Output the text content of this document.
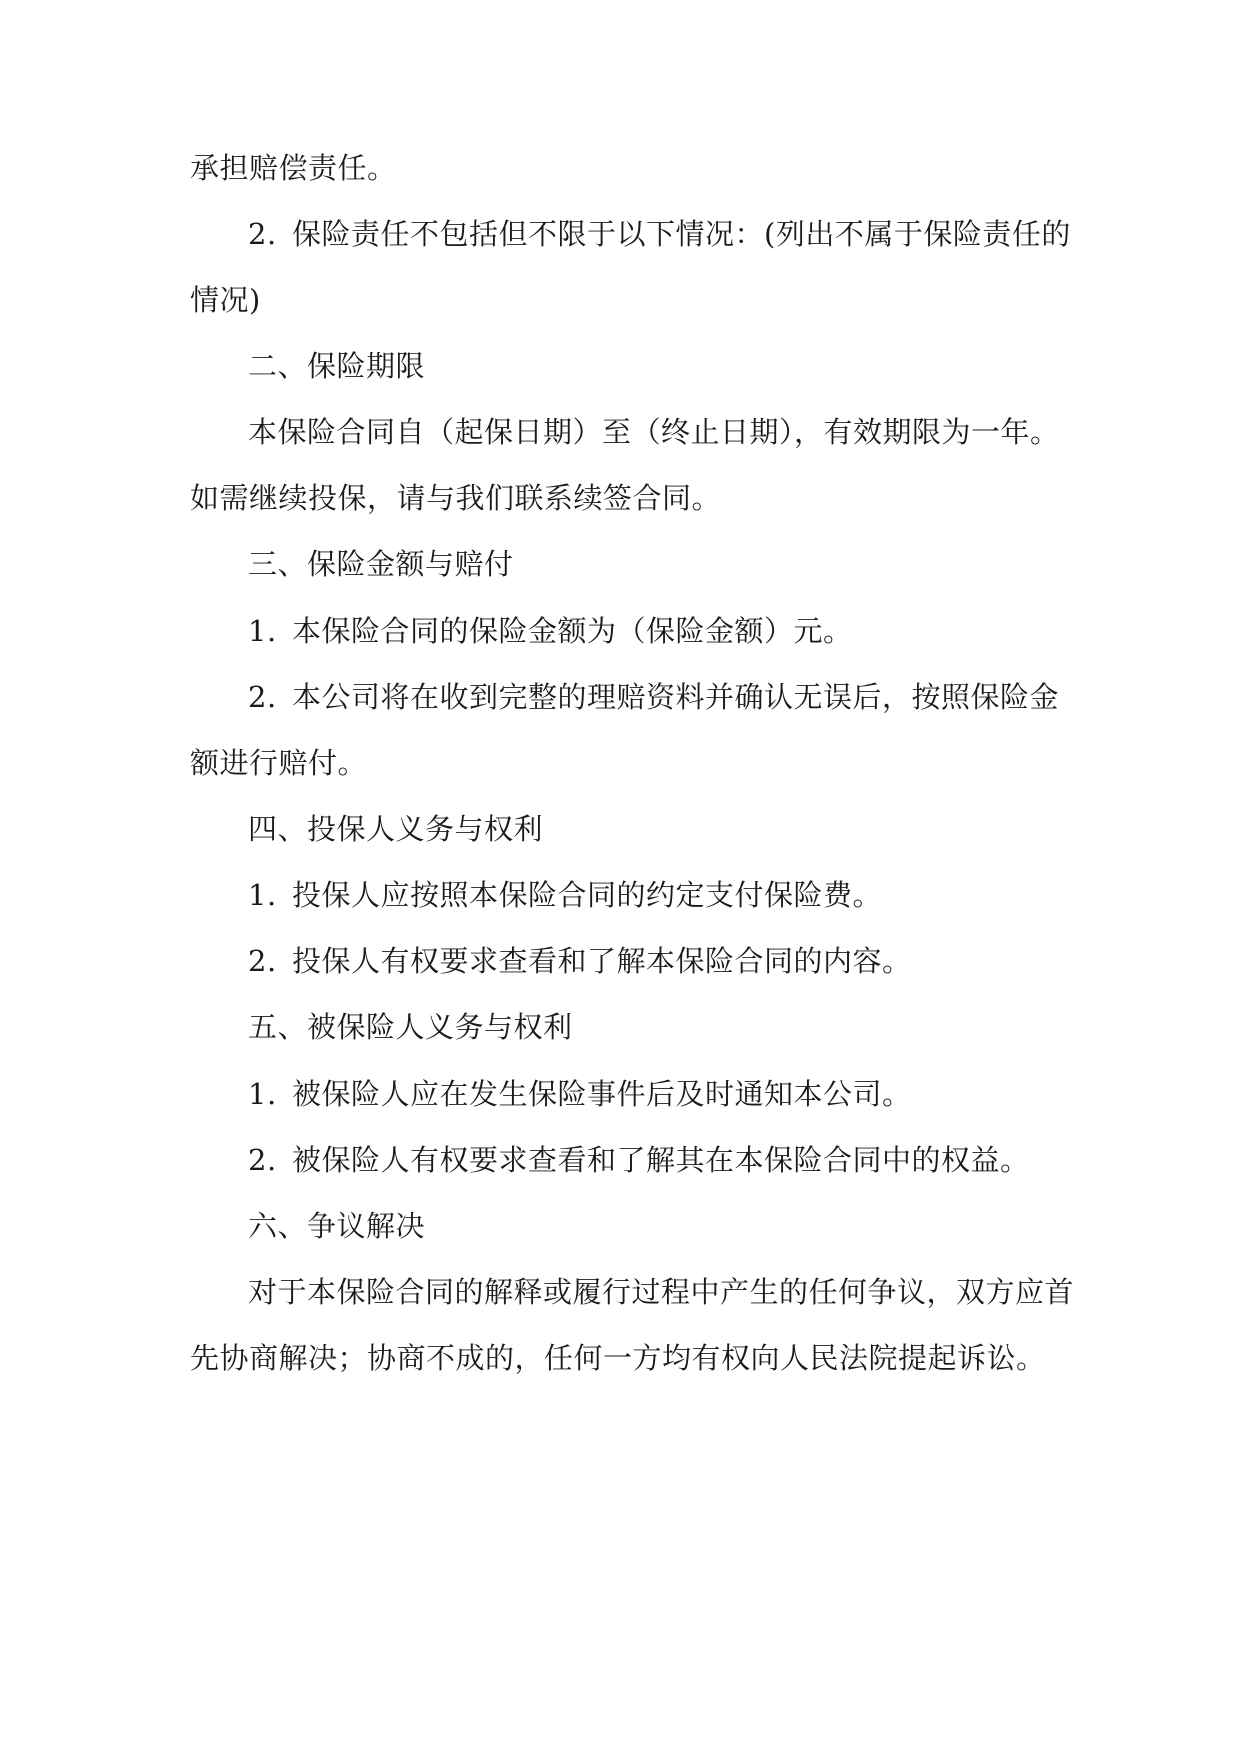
承担赔偿责任。
2. 保险责任不包括但不限于以下情况：(列出不属于保险责任的
情况)
二、保险期限
本保险合同自（起保日期）至（终止日期），有效期限为一年。
如需继续投保，请与我们联系续签合同。
三、保险金额与赔付
1. 本保险合同的保险金额为（保险金额）元。
2. 本公司将在收到完整的理赔资料并确认无误后，按照保险金
额进行赔付。
四、投保人义务与权利
1. 投保人应按照本保险合同的约定支付保险费。
2. 投保人有权要求查看和了解本保险合同的内容。
五、被保险人义务与权利
1. 被保险人应在发生保险事件后及时通知本公司。
2. 被保险人有权要求查看和了解其在本保险合同中的权益。
六、争议解决
对于本保险合同的解释或履行过程中产生的任何争议，双方应首
先协商解决；协商不成的，任何一方均有权向人民法院提起诉讼。
